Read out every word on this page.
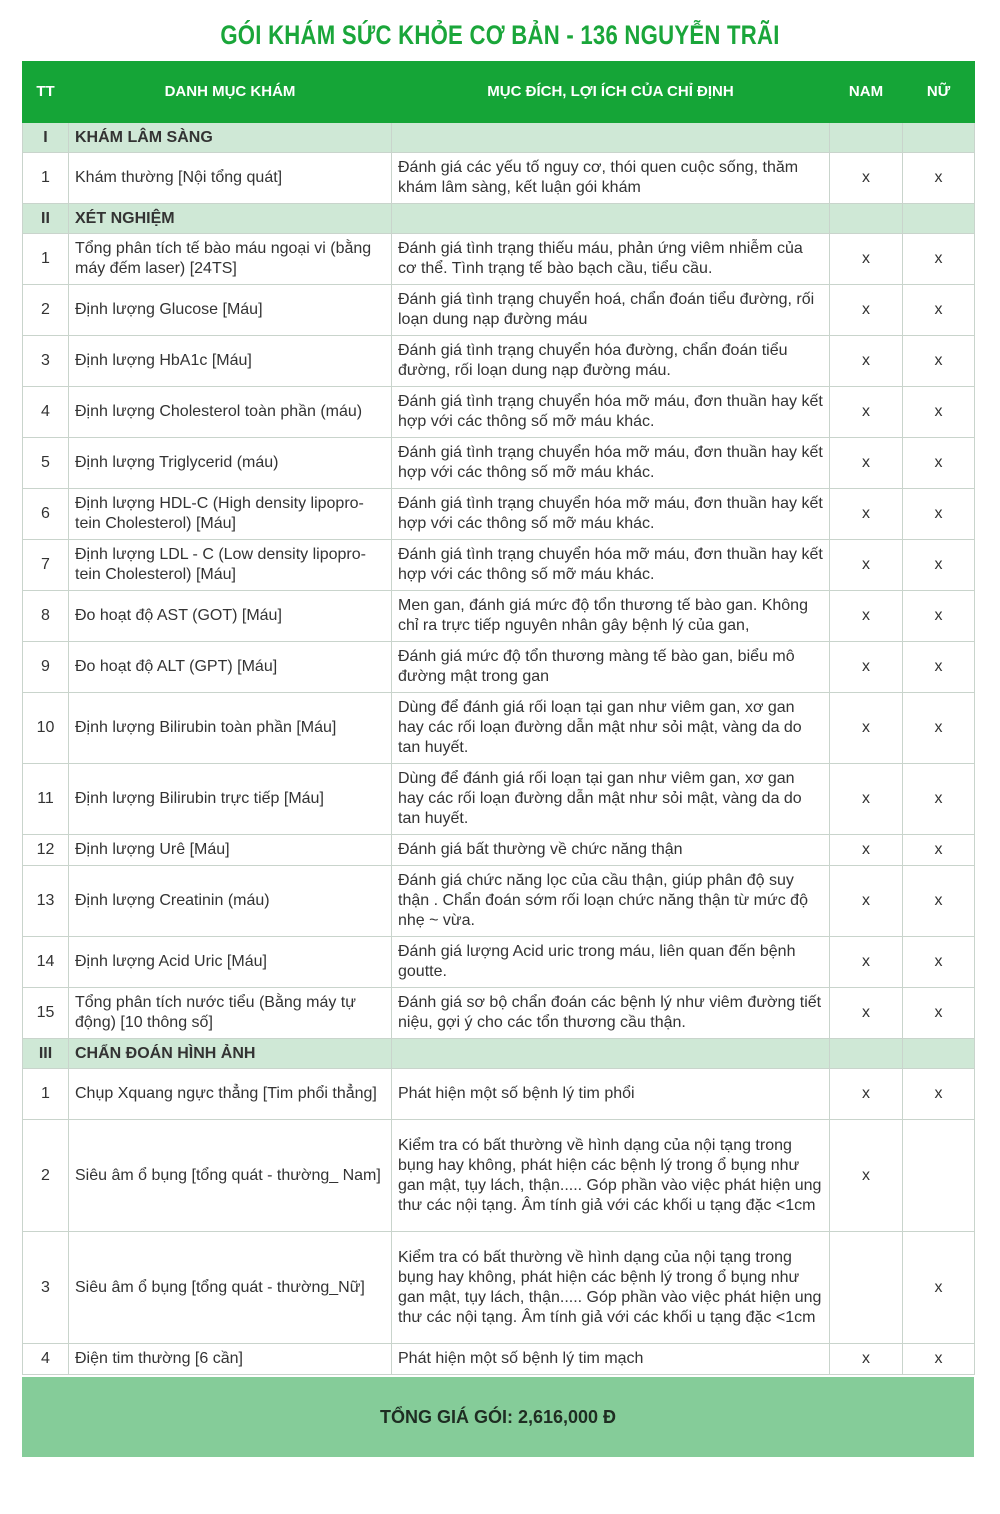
GÓI KHÁM SỨC KHỎE CƠ BẢN - 136 NGUYỄN TRÃI
TT	DANH MỤC KHÁM	MỤC ĐÍCH, LỢI ÍCH CỦA CHỈ ĐỊNH	NAM	NỮ
I	KHÁM LÂM SÀNG			
1	Khám thường [Nội tổng quát]	Đánh giá các yếu tố nguy cơ, thói quen cuộc sống, thăm khám lâm sàng, kết luận gói khám	x	x
II	XÉT NGHIỆM			
1	Tổng phân tích tế bào máu ngoại vi (bằng máy đếm laser) [24TS]	Đánh giá tình trạng thiếu máu, phản ứng viêm nhiễm của cơ thể. Tình trạng tế bào bạch cầu, tiểu cầu.	x	x
2	Định lượng Glucose [Máu]	Đánh giá tình trạng chuyển hoá, chẩn đoán tiểu đường, rối loạn dung nạp đường máu	x	x
3	Định lượng HbA1c [Máu]	Đánh giá tình trạng chuyển hóa đường, chẩn đoán tiểu đường, rối loạn dung nạp đường máu.	x	x
4	Định lượng Cholesterol toàn phần (máu)	Đánh giá tình trạng chuyển hóa mỡ máu, đơn thuần hay kết hợp với các thông số mỡ máu khác.	x	x
5	Định lượng Triglycerid (máu)	Đánh giá tình trạng chuyển hóa mỡ máu, đơn thuần hay kết hợp với các thông số mỡ máu khác.	x	x
6	Định lượng HDL-C (High density lipopro-tein Cholesterol) [Máu]	Đánh giá tình trạng chuyển hóa mỡ máu, đơn thuần hay kết hợp với các thông số mỡ máu khác.	x	x
7	Định lượng LDL - C (Low density lipopro-tein Cholesterol) [Máu]	Đánh giá tình trạng chuyển hóa mỡ máu, đơn thuần hay kết hợp với các thông số mỡ máu khác.	x	x
8	Đo hoạt độ AST (GOT) [Máu]	Men gan, đánh giá mức độ tổn thương tế bào gan. Không chỉ ra trực tiếp nguyên nhân gây bệnh lý của gan,	x	x
9	Đo hoạt độ ALT (GPT) [Máu]	Đánh giá mức độ tổn thương màng tế bào gan, biểu mô đường mật trong gan	x	x
10	Định lượng Bilirubin toàn phần [Máu]	Dùng để đánh giá rối loạn tại gan như viêm gan, xơ gan hay các rối loạn đường dẫn mật như sỏi mật, vàng da do tan huyết.	x	x
11	Định lượng Bilirubin trực tiếp [Máu]	Dùng để đánh giá rối loạn tại gan như viêm gan, xơ gan hay các rối loạn đường dẫn mật như sỏi mật, vàng da do tan huyết.	x	x
12	Định lượng Urê [Máu]	Đánh giá bất thường về chức năng thận	x	x
13	Định lượng Creatinin (máu)	Đánh giá chức năng lọc của cầu thận, giúp phân độ suy thận . Chẩn đoán sớm rối loạn chức năng thận từ mức độ nhẹ ~ vừa.	x	x
14	Định lượng Acid Uric [Máu]	Đánh giá lượng Acid uric trong máu, liên quan đến bệnh goutte.	x	x
15	Tổng phân tích nước tiểu (Bằng máy tự động) [10 thông số]	Đánh giá sơ bộ chẩn đoán các bệnh lý như viêm đường tiết niệu, gợi ý cho các tổn thương cầu thận.	x	x
III	CHẨN ĐOÁN HÌNH ẢNH			
1	Chụp Xquang ngực thẳng [Tim phổi thẳng]	Phát hiện một số bệnh lý tim phổi	x	x
2	Siêu âm ổ bụng [tổng quát - thường_ Nam]	Kiểm tra có bất thường về hình dạng của nội tạng trong bụng hay không, phát hiện các bệnh lý trong ổ bụng như gan mật, tụy lách, thận..... Góp phần vào việc phát hiện ung thư các nội tạng. Âm tính giả với các khối u tạng đặc <1cm	x	
3	Siêu âm ổ bụng [tổng quát - thường_Nữ]	Kiểm tra có bất thường về hình dạng của nội tạng trong bụng hay không, phát hiện các bệnh lý trong ổ bụng như gan mật, tụy lách, thận..... Góp phần vào việc phát hiện ung thư các nội tạng. Âm tính giả với các khối u tạng đặc <1cm		x
4	Điện tim thường [6 cần]	Phát hiện một số bệnh lý tim mạch	x	x
TỔNG GIÁ GÓI: 2,616,000 Đ
